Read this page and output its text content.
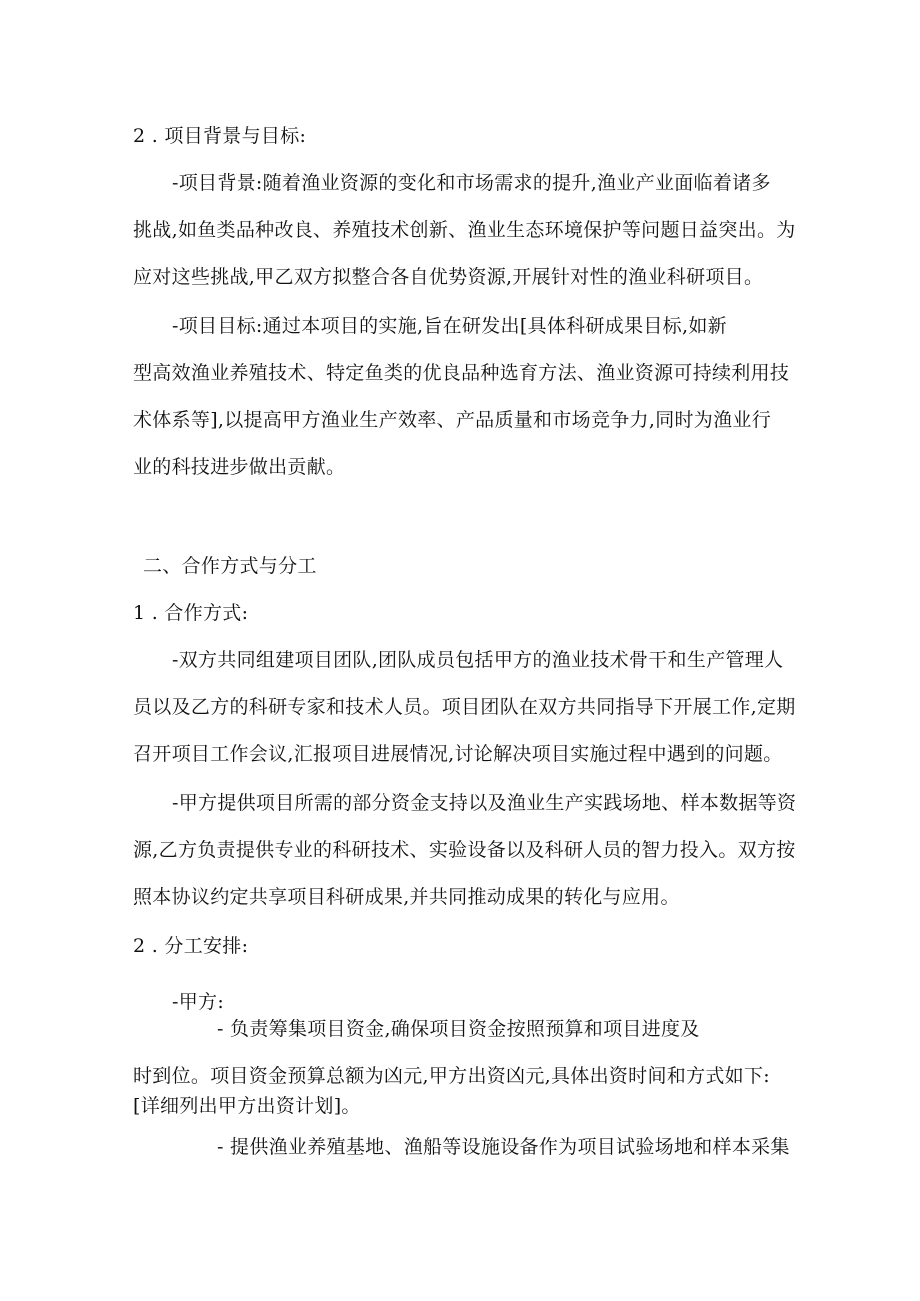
2 . 项目背景与目标:
-项目背景:随着渔业资源的变化和市场需求的提升,渔业产业面临着诸多
挑战,如鱼类品种改良、养殖技术创新、渔业生态环境保护等问题日益突出。为
应对这些挑战,甲乙双方拟整合各自优势资源,开展针对性的渔业科研项目。
-项目目标:通过本项目的实施,旨在研发出[具体科研成果目标,如新
型高效渔业养殖技术、特定鱼类的优良品种选育方法、渔业资源可持续利用技
术体系等],以提高甲方渔业生产效率、产品质量和市场竞争力,同时为渔业行
业的科技进步做出贡献。
二、合作方式与分工
1 . 合作方式:
-双方共同组建项目团队,团队成员包括甲方的渔业技术骨干和生产管理人
员以及乙方的科研专家和技术人员。项目团队在双方共同指导下开展工作,定期
召开项目工作会议,汇报项目进展情况,讨论解决项目实施过程中遇到的问题。
-甲方提供项目所需的部分资金支持以及渔业生产实践场地、样本数据等资
源,乙方负责提供专业的科研技术、实验设备以及科研人员的智力投入。双方按
照本协议约定共享项目科研成果,并共同推动成果的转化与应用。
2 . 分工安排:
-甲方:
- 负责筹集项目资金,确保项目资金按照预算和项目进度及
时到位。项目资金预算总额为凶元,甲方出资凶元,具体出资时间和方式如下:
[详细列出甲方出资计划]。
- 提供渔业养殖基地、渔船等设施设备作为项目试验场地和样本采集
